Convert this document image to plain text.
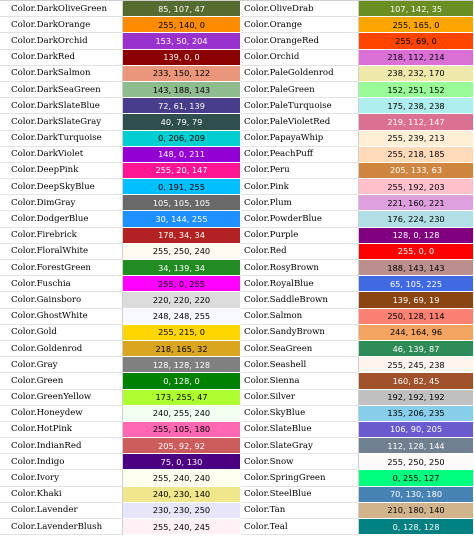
Color.DarkOliveGreen	85, 107, 47	Color.OliveDrab	107, 142, 35
Color.DarkOrange	255, 140, 0	Color.Orange	255, 165, 0
Color.DarkOrchid	153, 50, 204	Color.OrangeRed	255, 69, 0
Color.DarkRed	139, 0, 0	Color.Orchid	218, 112, 214
Color.DarkSalmon	233, 150, 122	Color.PaleGoldenrod	238, 232, 170
Color.DarkSeaGreen	143, 188, 143	Color.PaleGreen	152, 251, 152
Color.DarkSlateBlue	72, 61, 139	Color.PaleTurquoise	175, 238, 238
Color.DarkSlateGray	40, 79, 79	Color.PaleVioletRed	219, 112, 147
Color.DarkTurquoise	0, 206, 209	Color.PapayaWhip	255, 239, 213
Color.DarkViolet	148, 0, 211	Color.PeachPuff	255, 218, 185
Color.DeepPink	255, 20, 147	Color.Peru	205, 133, 63
Color.DeepSkyBlue	0, 191, 255	Color.Pink	255, 192, 203
Color.DimGray	105, 105, 105	Color.Plum	221, 160, 221
Color.DodgerBlue	30, 144, 255	Color.PowderBlue	176, 224, 230
Color.Firebrick	178, 34, 34	Color.Purple	128, 0, 128
Color.FloralWhite	255, 250, 240	Color.Red	255, 0, 0
Color.ForestGreen	34, 139, 34	Color.RosyBrown	188, 143, 143
Color.Fuschia	255, 0, 255	Color.RoyalBlue	65, 105, 225
Color.Gainsboro	220, 220, 220	Color.SaddleBrown	139, 69, 19
Color.GhostWhite	248, 248, 255	Color.Salmon	250, 128, 114
Color.Gold	255, 215, 0	Color.SandyBrown	244, 164, 96
Color.Goldenrod	218, 165, 32	Color.SeaGreen	46, 139, 87
Color.Gray	128, 128, 128	Color.Seashell	255, 245, 238
Color.Green	0, 128, 0	Color.Sienna	160, 82, 45
Color.GreenYellow	173, 255, 47	Color.Silver	192, 192, 192
Color.Honeydew	240, 255, 240	Color.SkyBlue	135, 206, 235
Color.HotPink	255, 105, 180	Color.SlateBlue	106, 90, 205
Color.IndianRed	205, 92, 92	Color.SlateGray	112, 128, 144
Color.Indigo	75, 0, 130	Color.Snow	255, 250, 250
Color.Ivory	255, 240, 240	Color.SpringGreen	0, 255, 127
Color.Khaki	240, 230, 140	Color.SteelBlue	70, 130, 180
Color.Lavender	230, 230, 250	Color.Tan	210, 180, 140
Color.LavenderBlush	255, 240, 245	Color.Teal	0, 128, 128
